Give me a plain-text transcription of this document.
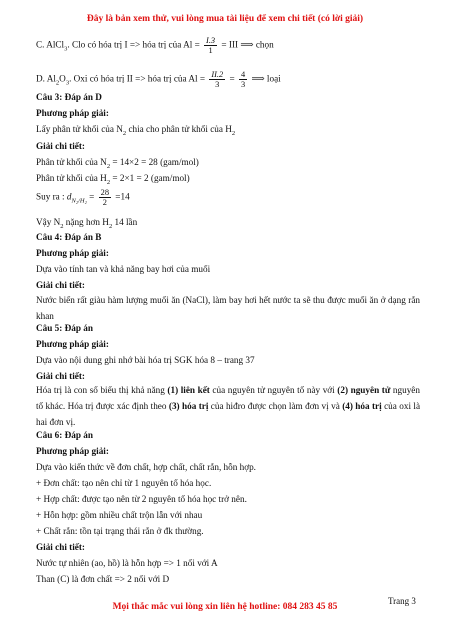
Đây là bản xem thử, vui lòng mua tài liệu để xem chi tiết (có lời giải)
C. AlCl$_3$. Clo có hóa trị I => hóa trị của $Al = \frac{I.3}{1}$ = III ⟹ chọn
D. $Al_2O_3$. Oxi có hóa trị II => hóa trị của $Al = \frac{II.2}{3} = \frac{4}{3}$ ⟹ loại
Câu 3: Đáp án D
Phương pháp giải:
Lấy phân tử khối của $N_2$ chia cho phân tử khối của $H_2$
Giải chi tiết:
Phân tử khối của $N_2 = 14\times 2 = 28$ (gam/mol)
Phân tử khối của $H_2 = 2\times 1 = 2$ (gam/mol)
Suy ra : $d_{N_2/H_2} = \frac{28}{2} =14$
Vậy $N_2$ nặng hơn $H_2$ 14 lần
Câu 4: Đáp án B
Phương pháp giải:
Dựa vào tính tan và khả năng bay hơi của muối
Giải chi tiết:
Nước biển rất giàu hàm lượng muối ăn (NaCl), làm bay hơi hết nước ta sẽ thu được muối ăn ở dạng rắn khan
Câu 5: Đáp án
Phương pháp giải:
Dựa vào nội dung ghi nhớ bài hóa trị SGK hóa 8 – trang 37
Giải chi tiết:
Hóa trị là con số biểu thị khả năng (1) liên kết của nguyên tử nguyên tố này với (2) nguyên tử nguyên tố khác. Hóa trị được xác định theo (3) hóa trị của hiđro được chọn làm đơn vị và (4) hóa trị của oxi là hai đơn vị.
Câu 6: Đáp án
Phương pháp giải:
Dựa vào kiến thức về đơn chất, hợp chất, chất rắn, hỗn hợp.
+ Đơn chất: tạo nên chỉ từ 1 nguyên tố hóa học.
+ Hợp chất: được tạo nên từ 2 nguyên tố hóa học trở nên.
+ Hỗn hợp: gồm nhiều chất trộn lẫn với nhau
+ Chất rắn: tồn tại trạng thái rắn ở đk thường.
Giải chi tiết:
Nước tự nhiên (ao, hồ) là hỗn hợp => 1 nối với A
Than (C) là đơn chất => 2 nối với D
Trang 3
Mọi thắc mắc vui lòng xin liên hệ hotline: 084 283 45 85
